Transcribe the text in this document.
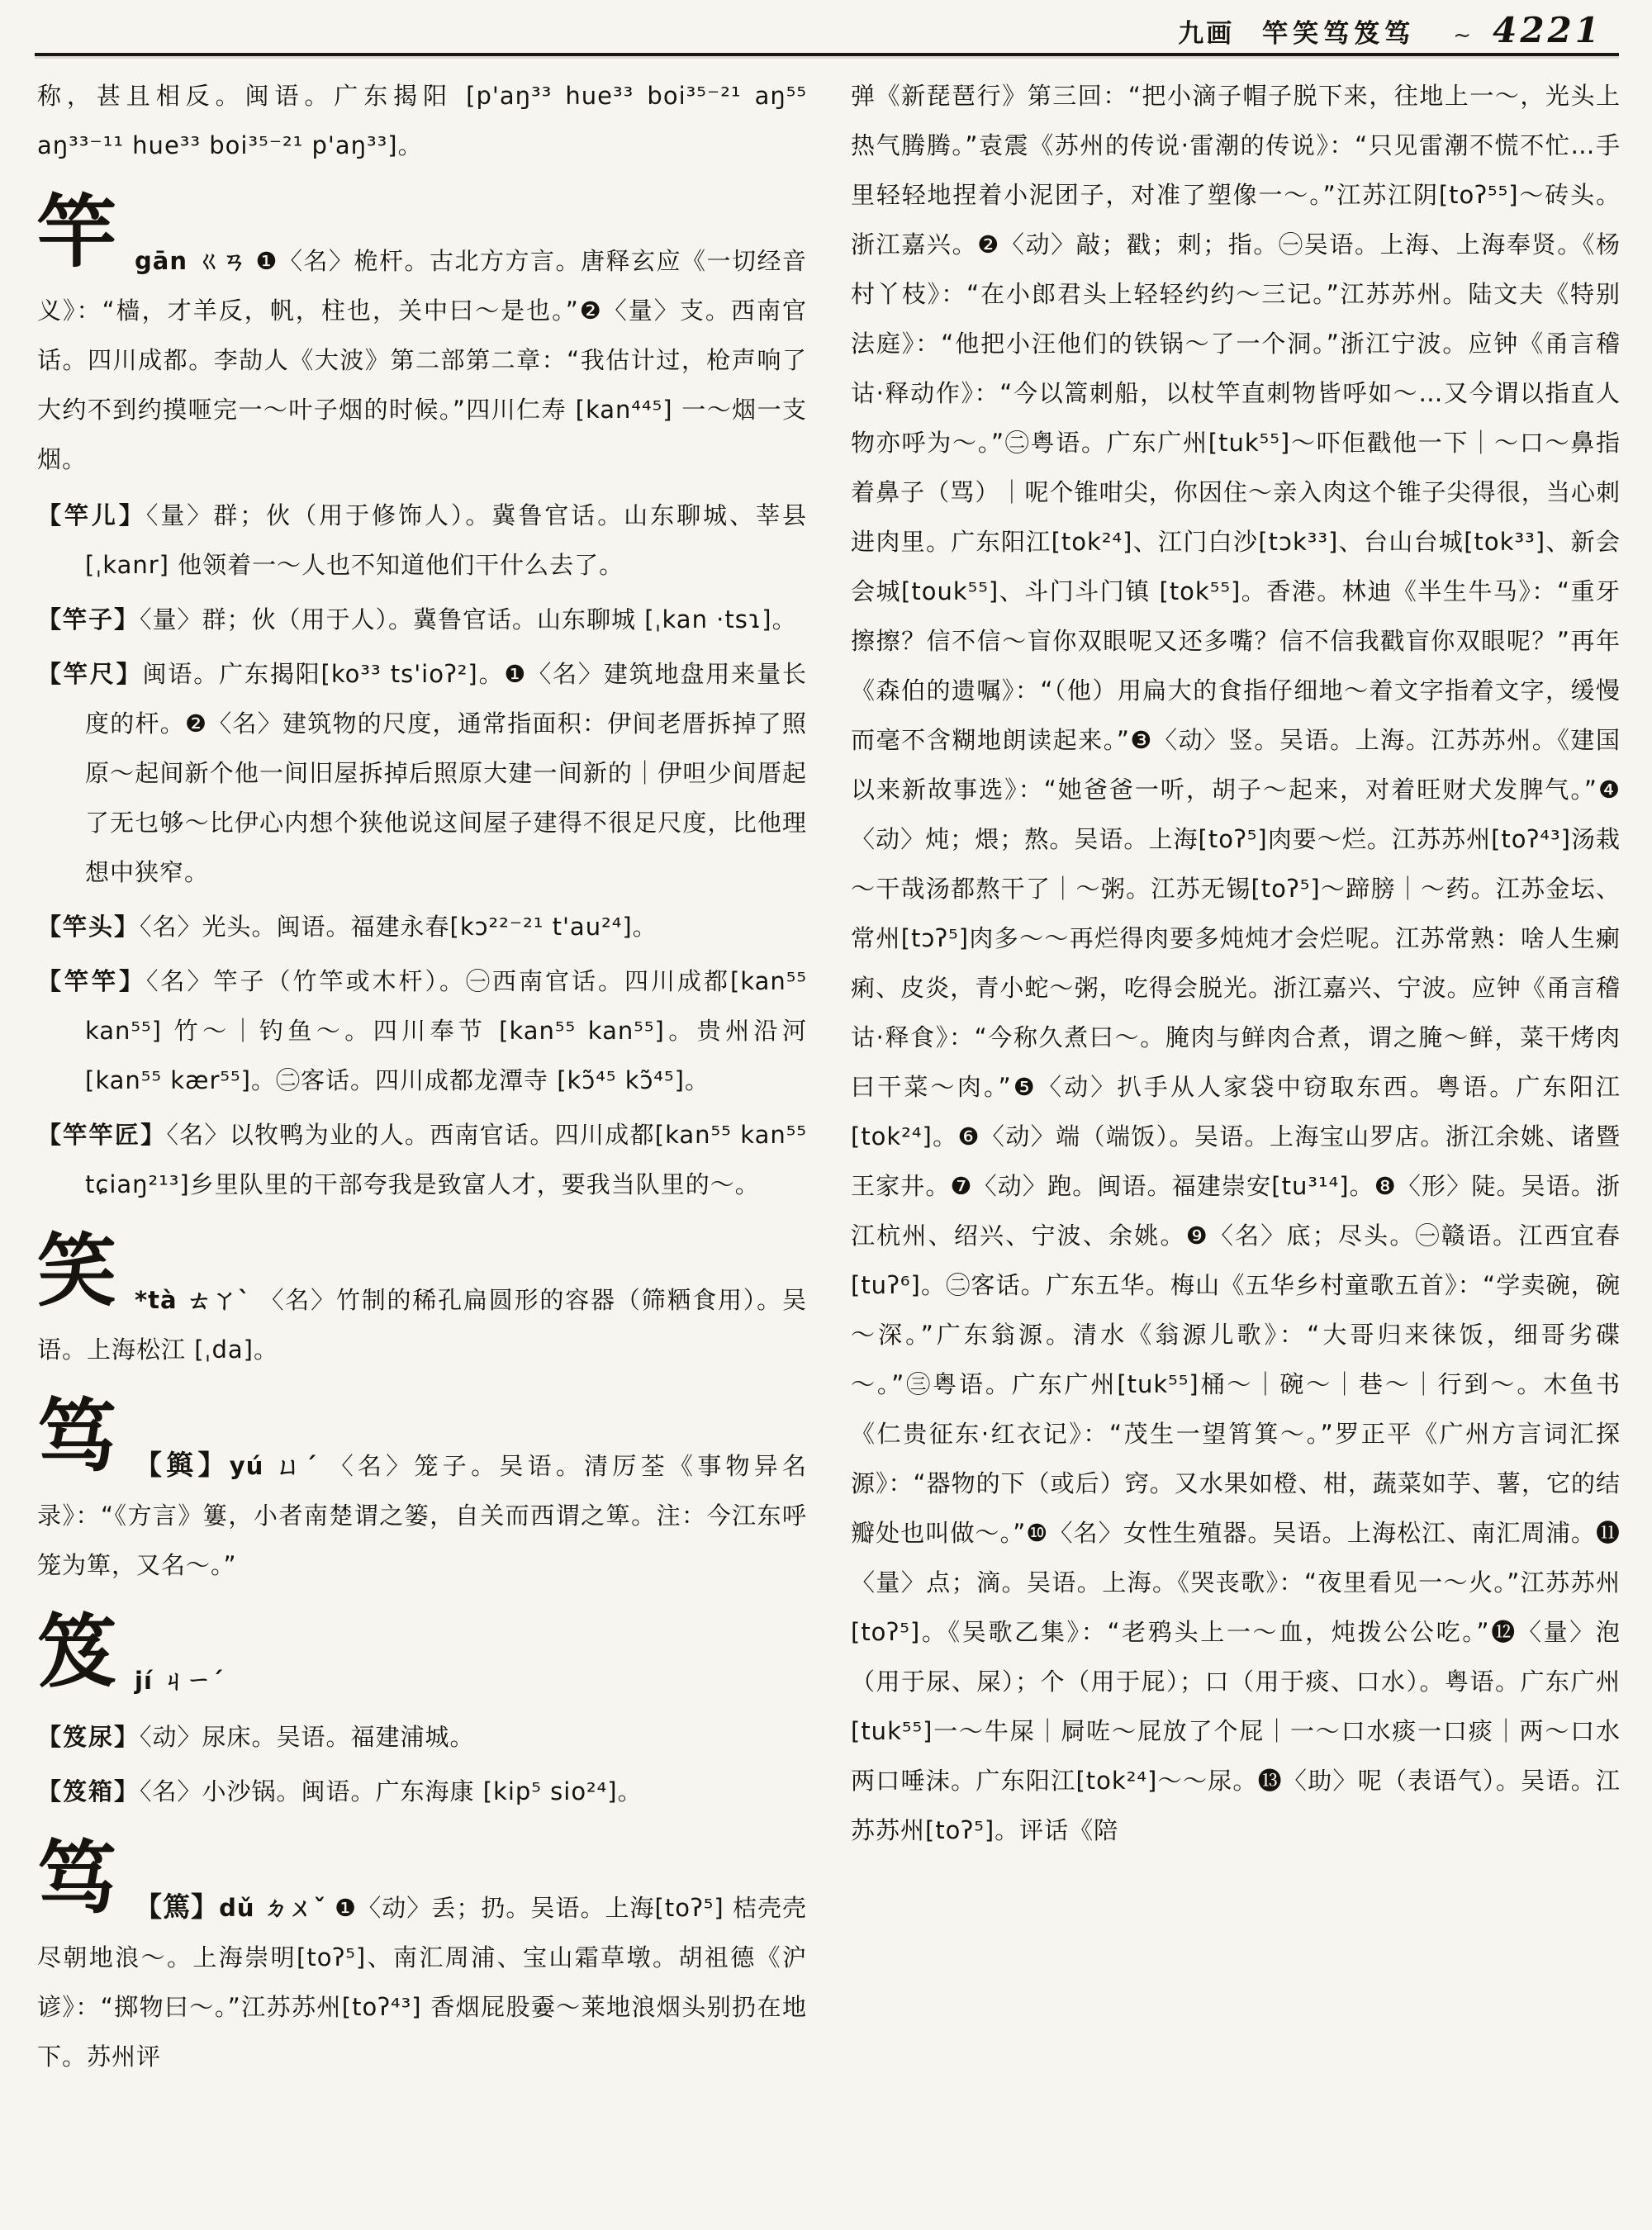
九画 竿笑笃笈笃 ~ 4221
称，甚且相反。闽语。广东揭阳 [p'aŋ³³ hue³³ boi³⁵⁻²¹ aŋ⁵⁵ aŋ³³⁻¹¹ hue³³ boi³⁵⁻²¹ p'aŋ³³]。
竿gān ㄍㄢ ❶〈名〉桅杆。古北方方言。唐释玄应《一切经音义》：“樯，才羊反，帆，柱也，关中曰～是也。”❷〈量〉支。西南官话。四川成都。李劼人《大波》第二部第二章：“我估计过，枪声响了大约不到约摸咂完一～叶子烟的时候。”四川仁寿 [kan⁴⁴⁵] 一～烟一支烟。
【竿儿】〈量〉群；伙（用于修饰人）。冀鲁官话。山东聊城、莘县[ˌkanr] 他领着一～人也不知道他们干什么去了。
【竿子】〈量〉群；伙（用于人）。冀鲁官话。山东聊城 [ˌkan ·tsɿ]。
【竿尺】闽语。广东揭阳[ko³³ ts'ioʔ²]。❶〈名〉建筑地盘用来量长度的杆。❷〈名〉建筑物的尺度，通常指面积：伊间老厝拆掉了照原～起间新个他一间旧屋拆掉后照原大建一间新的｜伊呾少间厝起了无乜够～比伊心内想个狭他说这间屋子建得不很足尺度，比他理想中狭窄。
【竿头】〈名〉光头。闽语。福建永春[kɔ²²⁻²¹ t'au²⁴]。
【竿竿】〈名〉竿子（竹竿或木杆）。㊀西南官话。四川成都[kan⁵⁵ kan⁵⁵] 竹～｜钓鱼～。四川奉节 [kan⁵⁵ kan⁵⁵]。贵州沿河 [kan⁵⁵ kær⁵⁵]。㊁客话。四川成都龙潭寺 [kɔ̃⁴⁵ kɔ̃⁴⁵]。
【竿竿匠】〈名〉以牧鸭为业的人。西南官话。四川成都[kan⁵⁵ kan⁵⁵ tɕiaŋ²¹³]乡里队里的干部夸我是致富人才，要我当队里的～。
笑 *tà ㄊㄚˋ 〈名〉竹制的稀孔扁圆形的容器（筛粞食用）。吴语。上海松江 [ˌda]。
笃 【籅】yú ㄩˊ 〈名〉笼子。吴语。清厉荃《事物异名录》：“《方言》簍，小者南楚谓之篓，自关而西谓之箄。注：今江东呼笼为箄，又名～。”
笈jí ㄐㄧˊ
【笈尿】〈动〉尿床。吴语。福建浦城。
【笈箱】〈名〉小沙锅。闽语。广东海康 [kip⁵ sio²⁴]。
笃 【篤】dǔ ㄉㄨˇ ❶〈动〉丢；扔。吴语。上海[toʔ⁵] 桔壳壳尽朝地浪～。上海崇明[toʔ⁵]、南汇周浦、宝山霜草墩。胡祖德《沪谚》：“掷物曰～。”江苏苏州[toʔ⁴³] 香烟屁股嫑～莱地浪烟头别扔在地下。苏州评
弹《新琵琶行》第三回：“把小滴子帽子脱下来，往地上一～，光头上热气腾腾。”袁震《苏州的传说·雷潮的传说》：“只见雷潮不慌不忙…手里轻轻地捏着小泥团子，对准了塑像一～。”江苏江阴[toʔ⁵⁵]～砖头。浙江嘉兴。❷〈动〉敲；戳；刺；指。㊀吴语。上海、上海奉贤。《杨村丫枝》：“在小郎君头上轻轻约约～三记。”江苏苏州。陆文夫《特别法庭》：“他把小汪他们的铁锅～了一个洞。”浙江宁波。应钟《甬言稽诂·释动作》：“今以篙刺船，以杖竿直刺物皆呼如～…又今谓以指直人物亦呼为～。”㊁粤语。广东广州[tuk⁵⁵]～吓佢戳他一下｜～口～鼻指着鼻子（骂）｜呢个锥咁尖，你因住～亲入肉这个锥子尖得很，当心刺进肉里。广东阳江[tok²⁴]、江门白沙[tɔk³³]、台山台城[tok³³]、新会会城[touk⁵⁵]、斗门斗门镇 [tok⁵⁵]。香港。林迪《半生牛马》：“重牙擦擦？信不信～盲你双眼呢又还多嘴？信不信我戳盲你双眼呢？”再年《森伯的遗嘱》：“（他）用扁大的食指仔细地～着文字指着文字，缓慢而毫不含糊地朗读起来。”❸〈动〉竖。吴语。上海。江苏苏州。《建国以来新故事选》：“她爸爸一听，胡子～起来，对着旺财犬发脾气。”❹〈动〉炖；煨；熬。吴语。上海[toʔ⁵]肉要～烂。江苏苏州[toʔ⁴³]汤栽～干哉汤都熬干了｜～粥。江苏无锡[toʔ⁵]～蹄膀｜～药。江苏金坛、常州[tɔʔ⁵]肉多～～再烂得肉要多炖炖才会烂呢。江苏常熟：啥人生瘌痢、皮炎，青小蛇～粥，吃得会脱光。浙江嘉兴、宁波。应钟《甬言稽诂·释食》：“今称久煮曰～。腌肉与鲜肉合煮，谓之腌～鲜，菜干烤肉曰干菜～肉。”❺〈动〉扒手从人家袋中窃取东西。粤语。广东阳江[tok²⁴]。❻〈动〉端（端饭）。吴语。上海宝山罗店。浙江余姚、诸暨王家井。❼〈动〉跑。闽语。福建崇安[tu³¹⁴]。❽〈形〉陡。吴语。浙江杭州、绍兴、宁波、余姚。❾〈名〉底；尽头。㊀赣语。江西宜春[tuʔ⁶]。㊁客话。广东五华。梅山《五华乡村童歌五首》：“学卖碗，碗～深。”广东翁源。清水《翁源儿歌》：“大哥归来徕饭，细哥劣碟～。”㊂粤语。广东广州[tuk⁵⁵]桶～｜碗～｜巷～｜行到～。木鱼书《仁贵征东·红衣记》：“茂生一望筲箕～。”罗正平《广州方言词汇探源》：“器物的下（或后）窍。又水果如橙、柑，蔬菜如芋、薯，它的结瓣处也叫做～。”❿〈名〉女性生殖器。吴语。上海松江、南汇周浦。⓫〈量〉点；滴。吴语。上海。《哭丧歌》：“夜里看见一～火。”江苏苏州 [toʔ⁵]。《吴歌乙集》：“老鸦头上一～血，炖拨公公吃。”⓬〈量〉泡（用于尿、屎）；个（用于屁）；口（用于痰、口水）。粤语。广东广州[tuk⁵⁵]一～牛屎｜屙咗～屁放了个屁｜一～口水痰一口痰｜两～口水两口唾沫。广东阳江[tok²⁴]～～尿。⓭〈助〉呢（表语气）。吴语。江苏苏州[toʔ⁵]。评话《陪
